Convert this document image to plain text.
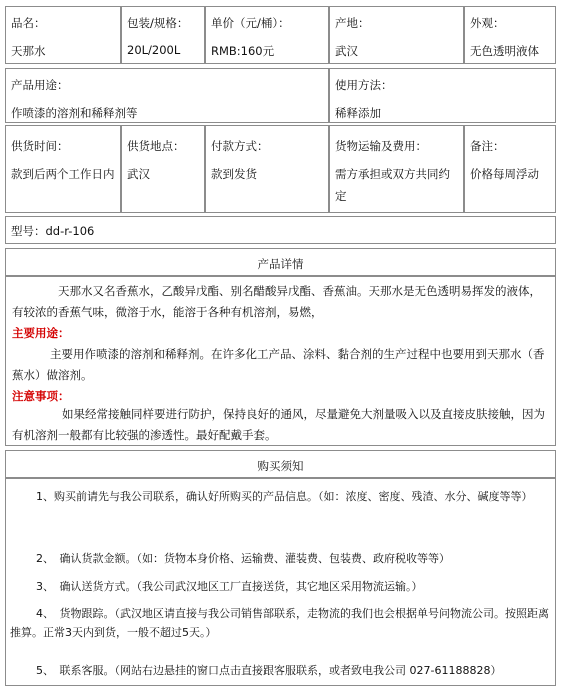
品名：
天那水
包装/规格：
20L/200L
单价（元/桶）：
RMB:160元
产地：
武汉
外观：
无色透明液体
产品用途：
作喷漆的溶剂和稀释剂等
使用方法：
稀释添加
供货时间：
款到后两个工作日内
供货地点：
武汉
付款方式：
款到发货
货物运输及费用：
需方承担或双方共同约定
备注：
价格每周浮动
型号：dd-r-106
产品详情
天那水又名香蕉水，乙酸异戊酯、别名醋酸异戊酯、香蕉油。天那水是无色透明易挥发的液体，有较浓的香蕉气味，微溶于水，能溶于各种有机溶剂，易燃，
主要用途：
主要用作喷漆的溶剂和稀释剂。在许多化工产品、涂料、黏合剂的生产过程中也要用到天那水（香蕉水）做溶剂。
注意事项：
如果经常接触同样要进行防护，保持良好的通风，尽量避免大剂量吸入以及直接皮肤接触，因为有机溶剂一般都有比较强的渗透性。最好配戴手套。
购买须知
1、购买前请先与我公司联系，确认好所购买的产品信息。（如：浓度、密度、残渣、水分、碱度等等）
2、　确认货款金额。（如：货物本身价格、运输费、灌装费、包装费、政府税收等等）
3、　确认送货方式。（我公司武汉地区工厂直接送货，其它地区采用物流运输。）
4、　货物跟踪。（武汉地区请直接与我公司销售部联系，走物流的我们也会根据单号问物流公司。按照距离推算。正常3天内到货，一般不超过5天。）
5、　联系客服。（网站右边悬挂的窗口点击直接跟客服联系，或者致电我公司 027-61188828）
